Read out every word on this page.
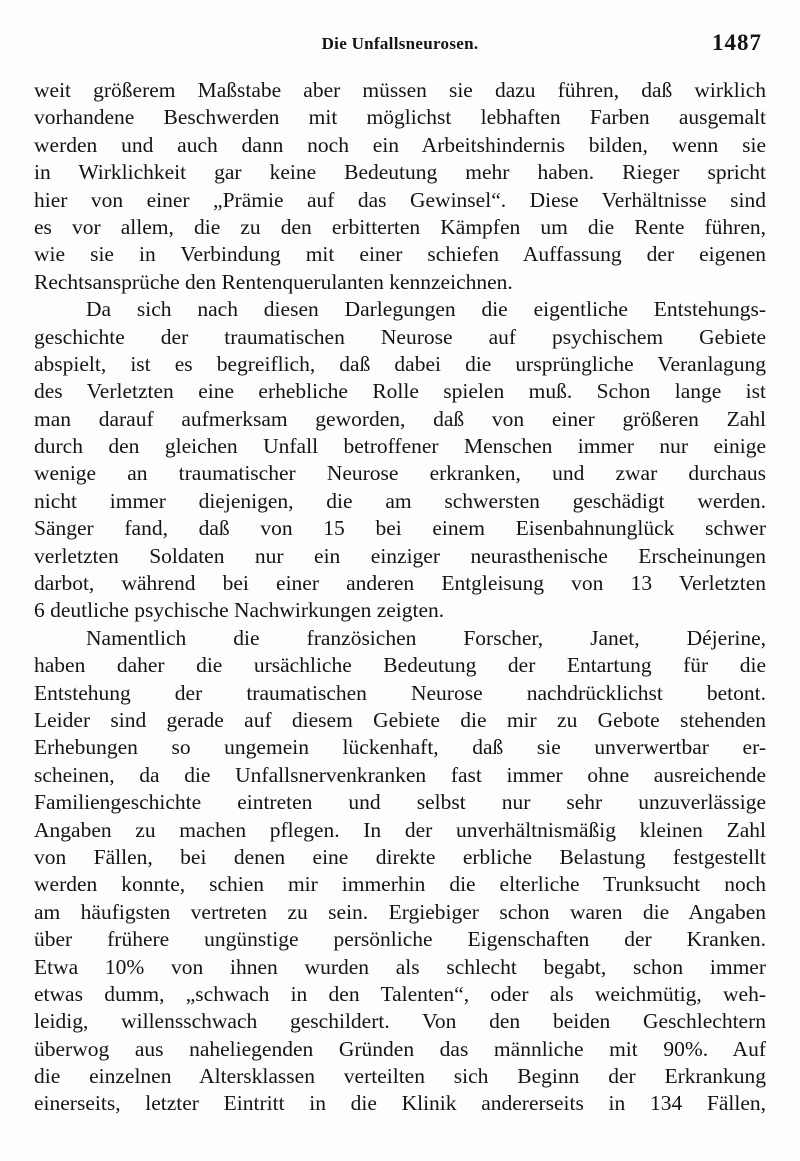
Die Unfallsneurosen.	1487
weit größerem Maßstabe aber müssen sie dazu führen, daß wirklich
vorhandene Beschwerden mit möglichst lebhaften Farben ausgemalt
werden und auch dann noch ein Arbeitshindernis bilden, wenn sie
in Wirklichkeit gar keine Bedeutung mehr haben. Rieger spricht
hier von einer „Prämie auf das Gewinsel“. Diese Verhältnisse sind
es vor allem, die zu den erbitterten Kämpfen um die Rente führen,
wie sie in Verbindung mit einer schiefen Auffassung der eigenen
Rechtsansprüche den Rentenquerulanten kennzeichnen.
Da sich nach diesen Darlegungen die eigentliche Entstehungs-
geschichte der traumatischen Neurose auf psychischem Gebiete
abspielt, ist es begreiflich, daß dabei die ursprüngliche Veranlagung
des Verletzten eine erhebliche Rolle spielen muß. Schon lange ist
man darauf aufmerksam geworden, daß von einer größeren Zahl
durch den gleichen Unfall betroffener Menschen immer nur einige
wenige an traumatischer Neurose erkranken, und zwar durchaus
nicht immer diejenigen, die am schwersten geschädigt werden.
Sänger fand, daß von 15 bei einem Eisenbahnunglück schwer
verletzten Soldaten nur ein einziger neurasthenische Erscheinungen
darbot, während bei einer anderen Entgleisung von 13 Verletzten
6 deutliche psychische Nachwirkungen zeigten.
Namentlich die französichen Forscher, Janet, Déjerine,
haben daher die ursächliche Bedeutung der Entartung für die
Entstehung der traumatischen Neurose nachdrücklichst betont.
Leider sind gerade auf diesem Gebiete die mir zu Gebote stehenden
Erhebungen so ungemein lückenhaft, daß sie unverwertbar er-
scheinen, da die Unfallsnervenkranken fast immer ohne ausreichende
Familiengeschichte eintreten und selbst nur sehr unzuverlässige
Angaben zu machen pflegen. In der unverhältnismäßig kleinen Zahl
von Fällen, bei denen eine direkte erbliche Belastung festgestellt
werden konnte, schien mir immerhin die elterliche Trunksucht noch
am häufigsten vertreten zu sein. Ergiebiger schon waren die Angaben
über frühere ungünstige persönliche Eigenschaften der Kranken.
Etwa 10% von ihnen wurden als schlecht begabt, schon immer
etwas dumm, „schwach in den Talenten“, oder als weichmütig, weh-
leidig, willensschwach geschildert. Von den beiden Geschlechtern
überwog aus naheliegenden Gründen das männliche mit 90%. Auf
die einzelnen Altersklassen verteilten sich Beginn der Erkrankung
einerseits, letzter Eintritt in die Klinik andererseits in 134 Fällen,
